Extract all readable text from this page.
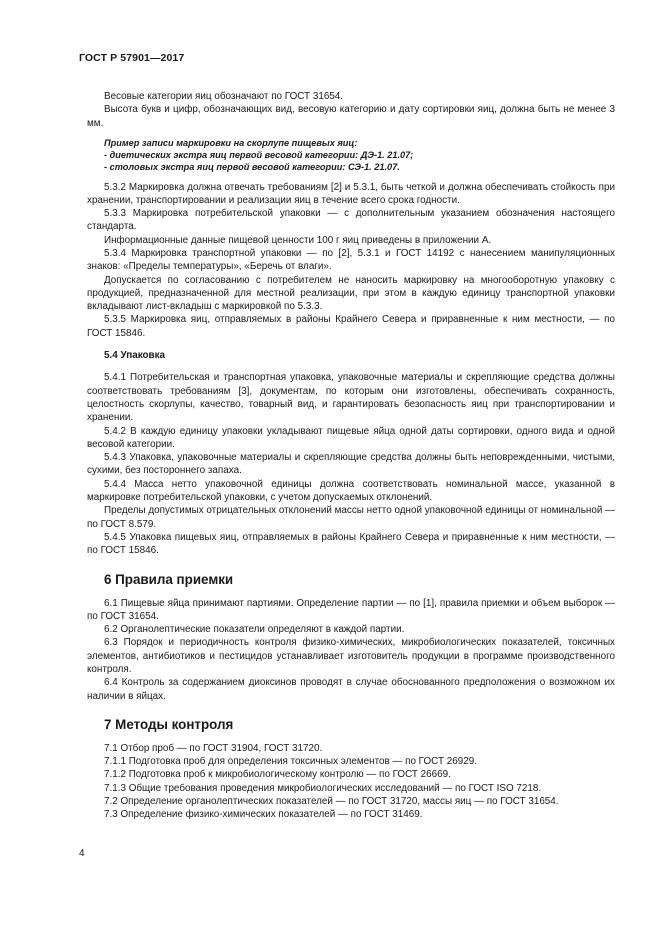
ГОСТ Р 57901—2017

Весовые категории яиц обозначают по ГОСТ 31654.

Высота букв и цифр, обозначающих вид, весовую категорию и дату сортировки яиц, должна быть не менее 3 мм.

Пример записи маркировки на скорлупе пищевых яиц:

- диетических экстра яиц первой весовой категории: ДЭ-1. 21.07;

- столовых экстра яиц первой весовой категории: СЭ-1. 21.07.

5.3.2 Маркировка должна отвечать требованиям [2] и 5.3.1, быть четкой и должна обеспечивать стойкость при хранении, транспортировании и реализации яиц в течение всего срока годности.

5.3.3 Маркировка потребительской упаковки — с дополнительным указанием обозначения настоящего стандарта.

Информационные данные пищевой ценности 100 г яиц приведены в приложении А.

5.3.4 Маркировка транспортной упаковки — по [2], 5.3.1 и ГОСТ 14192 с нанесением манипуляционных знаков: «Пределы температуры», «Беречь от влаги».

Допускается по согласованию с потребителем не наносить маркировку на многооборотную упаковку с продукцией, предназначенной для местной реализации, при этом в каждую единицу транспортной упаковки вкладывают лист-вкладыш с маркировкой по 5.3.3.

5.3.5 Маркировка яиц, отправляемых в районы Крайнего Севера и приравненные к ним местности, — по ГОСТ 15846.

5.4 Упаковка

5.4.1 Потребительская и транспортная упаковка, упаковочные материалы и скрепляющие средства должны соответствовать требованиям [3], документам, по которым они изготовлены, обеспечивать сохранность, целостность скорлупы, качество, товарный вид, и гарантировать безопасность яиц при транспортировании и хранении.

5.4.2 В каждую единицу упаковки укладывают пищевые яйца одной даты сортировки, одного вида и одной весовой категории.

5.4.3 Упаковка, упаковочные материалы и скрепляющие средства должны быть неповрежденными, чистыми, сухими, без постороннего запаха.

5.4.4 Масса нетто упаковочной единицы должна соответствовать номинальной массе, указанной в маркировке потребительской упаковки, с учетом допускаемых отклонений.

Пределы допустимых отрицательных отклонений массы нетто одной упаковочной единицы от номинальной — по ГОСТ 8.579.

5.4.5 Упаковка пищевых яиц, отправляемых в районы Крайнего Севера и приравненные к ним местности, — по ГОСТ 15846.

6 Правила приемки

6.1 Пищевые яйца принимают партиями. Определение партии — по [1], правила приемки и объем выборок — по ГОСТ 31654.

6.2 Органолептические показатели определяют в каждой партии.

6.3 Порядок и периодичность контроля физико-химических, микробиологических показателей, токсичных элементов, антибиотиков и пестицидов устанавливает изготовитель продукции в программе производственного контроля.

6.4 Контроль за содержанием диоксинов проводят в случае обоснованного предположения о возможном их наличии в яйцах.

7 Методы контроля

7.1 Отбор проб — по ГОСТ 31904, ГОСТ 31720.

7.1.1 Подготовка проб для определения токсичных элементов — по ГОСТ 26929.

7.1.2 Подготовка проб к микробиологическому контролю — по ГОСТ 26669.

7.1.3 Общие требования проведения микробиологических исследований — по ГОСТ ISO 7218.

7.2 Определение органолептических показателей — по ГОСТ 31720, массы яиц — по ГОСТ 31654.

7.3 Определение физико-химических показателей — по ГОСТ 31469.

4
